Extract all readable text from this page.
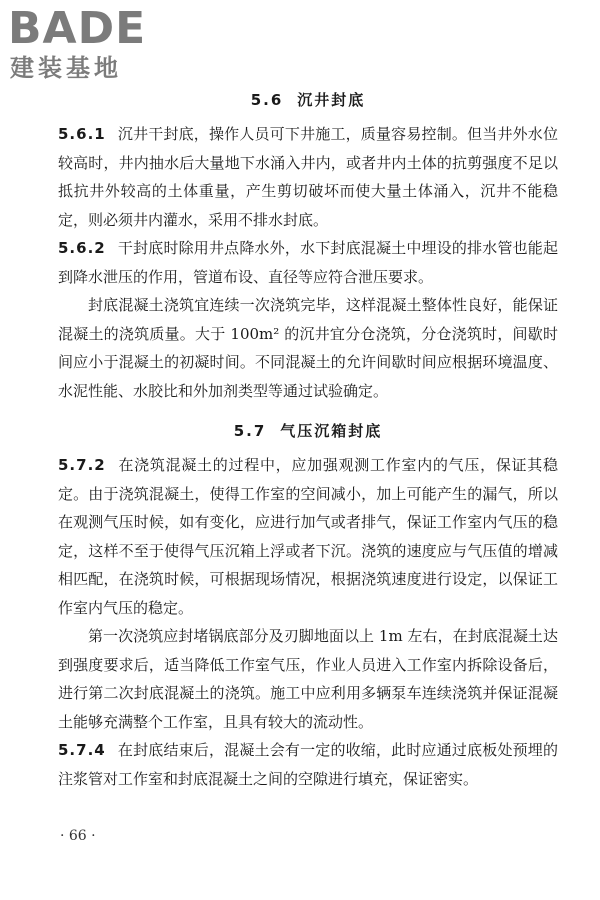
BADE
建装基地
5.6 沉井封底

5.6.1 沉井干封底，操作人员可下井施工，质量容易控制。但当井外水位较高时，井内抽水后大量地下水涌入井内，或者井内土体的抗剪强度不足以抵抗井外较高的土体重量，产生剪切破坏而使大量土体涌入，沉井不能稳定，则必须井内灌水，采用不排水封底。

5.6.2 干封底时除用井点降水外，水下封底混凝土中埋设的排水管也能起到降水泄压的作用，管道布设、直径等应符合泄压要求。

封底混凝土浇筑宜连续一次浇筑完毕，这样混凝土整体性良好，能保证混凝土的浇筑质量。大于 100m² 的沉井宜分仓浇筑，分仓浇筑时，间歇时间应小于混凝土的初凝时间。不同混凝土的允许间歇时间应根据环境温度、水泥性能、水胶比和外加剂类型等通过试验确定。

5.7 气压沉箱封底

5.7.2 在浇筑混凝土的过程中，应加强观测工作室内的气压，保证其稳定。由于浇筑混凝土，使得工作室的空间减小，加上可能产生的漏气，所以在观测气压时候，如有变化，应进行加气或者排气，保证工作室内气压的稳定，这样不至于使得气压沉箱上浮或者下沉。浇筑的速度应与气压值的增减相匹配，在浇筑时候，可根据现场情况，根据浇筑速度进行设定，以保证工作室内气压的稳定。

第一次浇筑应封堵锅底部分及刃脚地面以上 1m 左右，在封底混凝土达到强度要求后，适当降低工作室气压，作业人员进入工作室内拆除设备后，进行第二次封底混凝土的浇筑。施工中应利用多辆泵车连续浇筑并保证混凝土能够充满整个工作室，且具有较大的流动性。

5.7.4 在封底结束后，混凝土会有一定的收缩，此时应通过底板处预埋的注浆管对工作室和封底混凝土之间的空隙进行填充，保证密实。

· 66 ·
